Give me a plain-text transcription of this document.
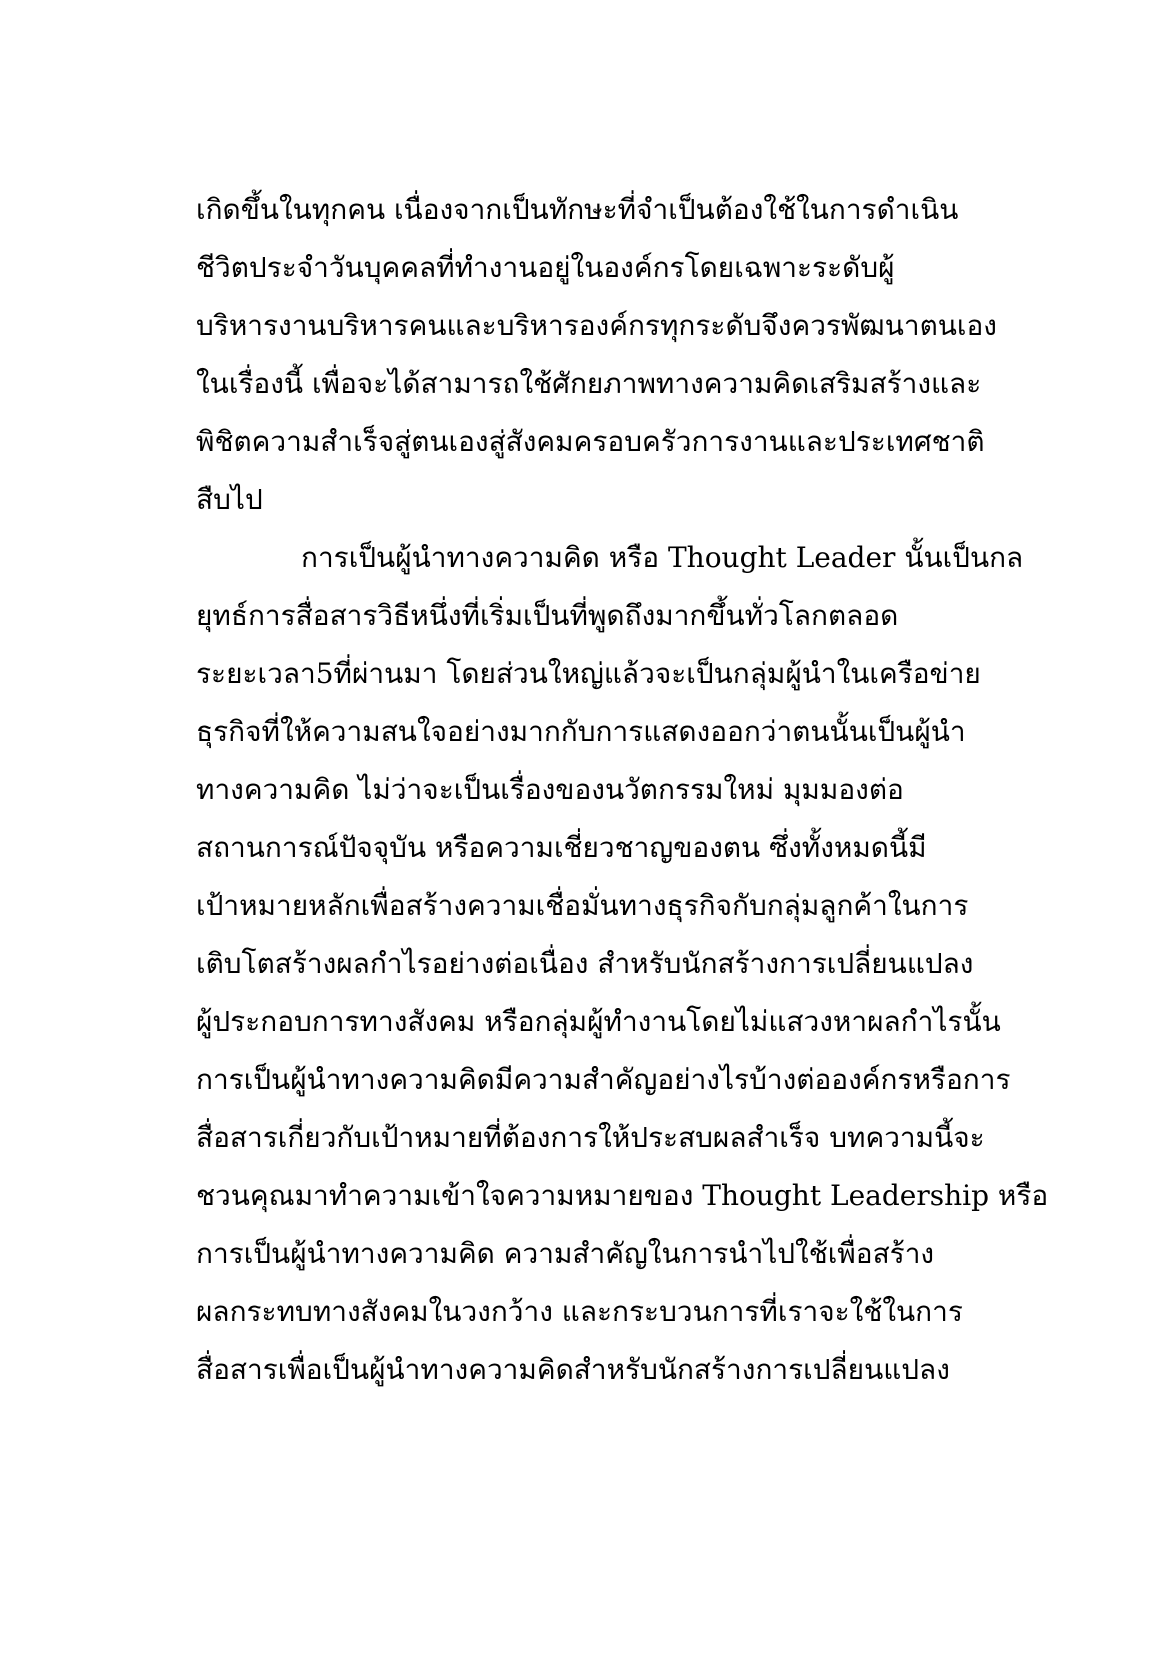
เกิดขึ้นในทุกคน เนื่องจากเป็นทักษะที่จำเป็นต้องใช้ในการดำเนิน
ชีวิตประจำวันบุคคลที่ทำงานอยู่ในองค์กรโดยเฉพาะระดับผู้
บริหารงานบริหารคนและบริหารองค์กรทุกระดับจึงควรพัฒนาตนเอง
ในเรื่องนี้ เพื่อจะได้สามารถใช้ศักยภาพทางความคิดเสริมสร้างและ
พิชิตความสำเร็จสู่ตนเองสู่สังคมครอบครัวการงานและประเทศชาติ
สืบไป
การเป็นผู้นำทางความคิด หรือ Thought Leader นั้นเป็นกล
ยุทธ์การสื่อสารวิธีหนึ่งที่เริ่มเป็นที่พูดถึงมากขึ้นทั่วโลกตลอด
ระยะเวลา5ที่ผ่านมา โดยส่วนใหญ่แล้วจะเป็นกลุ่มผู้นำในเครือข่าย
ธุรกิจที่ให้ความสนใจอย่างมากกับการแสดงออกว่าตนนั้นเป็นผู้นำ
ทางความคิด ไม่ว่าจะเป็นเรื่องของนวัตกรรมใหม่ มุมมองต่อ
สถานการณ์ปัจจุบัน หรือความเชี่ยวชาญของตน ซึ่งทั้งหมดนี้มี
เป้าหมายหลักเพื่อสร้างความเชื่อมั่นทางธุรกิจกับกลุ่มลูกค้าในการ
เติบโตสร้างผลกำไรอย่างต่อเนื่อง สำหรับนักสร้างการเปลี่ยนแปลง
ผู้ประกอบการทางสังคม หรือกลุ่มผู้ทำงานโดยไม่แสวงหาผลกำไรนั้น
การเป็นผู้นำทางความคิดมีความสำคัญอย่างไรบ้างต่อองค์กรหรือการ
สื่อสารเกี่ยวกับเป้าหมายที่ต้องการให้ประสบผลสำเร็จ บทความนี้จะ
ชวนคุณมาทำความเข้าใจความหมายของ Thought Leadership หรือ
การเป็นผู้นำทางความคิด ความสำคัญในการนำไปใช้เพื่อสร้าง
ผลกระทบทางสังคมในวงกว้าง และกระบวนการที่เราจะใช้ในการ
สื่อสารเพื่อเป็นผู้นำทางความคิดสำหรับนักสร้างการเปลี่ยนแปลง
